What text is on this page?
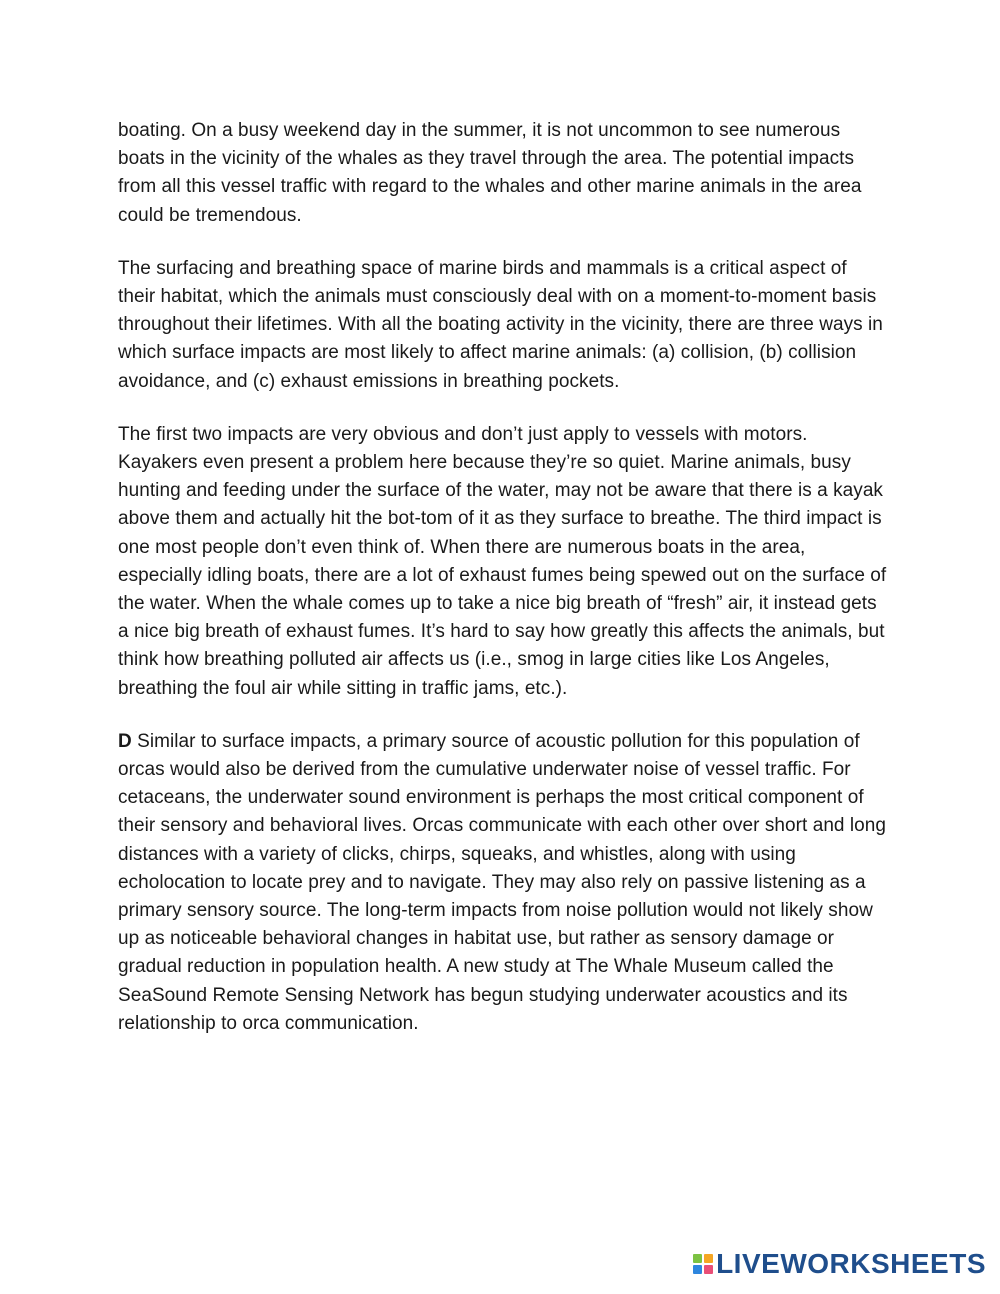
boating. On a busy weekend day in the summer, it is not uncommon to see numerous boats in the vicinity of the whales as they travel through the area. The potential impacts from all this vessel traffic with regard to the whales and other marine animals in the area could be tremendous.

The surfacing and breathing space of marine birds and mammals is a critical aspect of their habitat, which the animals must consciously deal with on a moment-to-moment basis throughout their lifetimes. With all the boating activity in the vicinity, there are three ways in which surface impacts are most likely to affect marine animals: (a) collision, (b) collision avoidance, and (c) exhaust emissions in breathing pockets.

The first two impacts are very obvious and don’t just apply to vessels with motors. Kayakers even present a problem here because they’re so quiet. Marine animals, busy hunting and feeding under the surface of the water, may not be aware that there is a kayak above them and actually hit the bot-tom of it as they surface to breathe. The third impact is one most people don’t even think of. When there are numerous boats in the area, especially idling boats, there are a lot of exhaust fumes being spewed out on the surface of the water. When the whale comes up to take a nice big breath of “fresh” air, it instead gets a nice big breath of exhaust fumes. It’s hard to say how greatly this affects the animals, but think how breathing polluted air affects us (i.e., smog in large cities like Los Angeles, breathing the foul air while sitting in traffic jams, etc.).

D Similar to surface impacts, a primary source of acoustic pollution for this population of orcas would also be derived from the cumulative underwater noise of vessel traffic. For cetaceans, the underwater sound environment is perhaps the most critical component of their sensory and behavioral lives. Orcas communicate with each other over short and long distances with a variety of clicks, chirps, squeaks, and whistles, along with using echolocation to locate prey and to navigate. They may also rely on passive listening as a primary sensory source. The long-term impacts from noise pollution would not likely show up as noticeable behavioral changes in habitat use, but rather as sensory damage or gradual reduction in population health. A new study at The Whale Museum called the SeaSound Remote Sensing Network has begun studying underwater acoustics and its relationship to orca communication.

LIVEWORKSHEETS
